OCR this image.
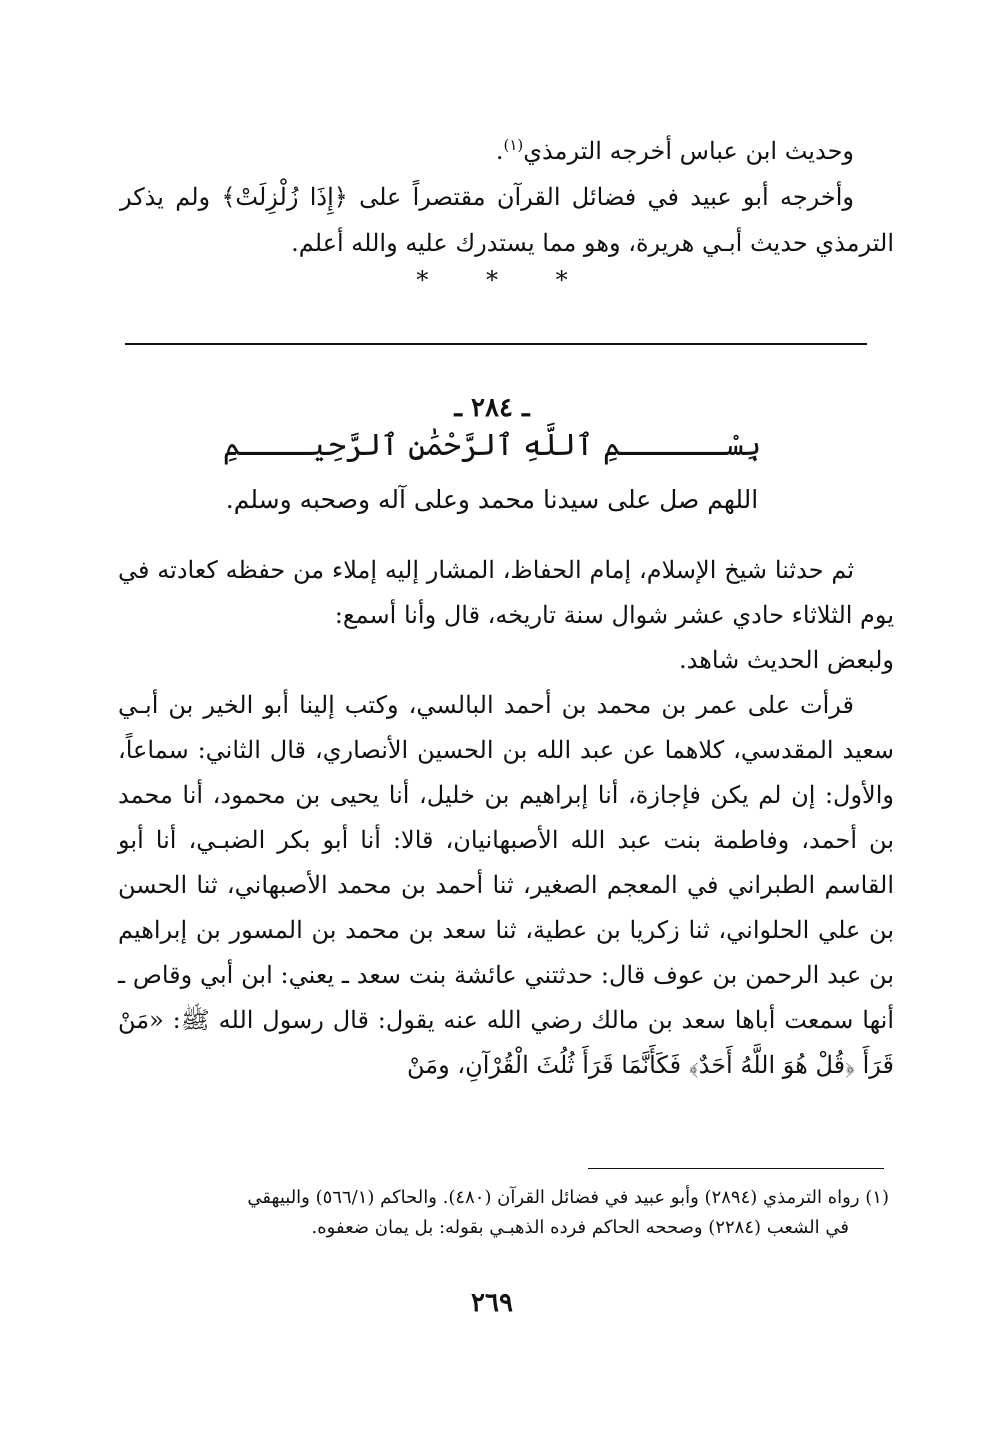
وحديث ابن عباس أخرجه الترمذي$^{(١)}$.

وأخرجه أبو عبيد في فضائل القرآن مقتصراً على ﴿إِذَا زُلْزِلَتْ﴾ ولم يذكر الترمذي حديث أبـي هريرة، وهو مما يستدرك عليه والله أعلم.

* * *
ـ ٢٨٤ ـ
بِسْــــــمِ ٱللَّهِ ٱلرَّحْمَٰنِ ٱلرَّحِيــــمِ
اللهم صل على سيدنا محمد وعلى آله وصحبه وسلم.

ثم حدثنا شيخ الإسلام، إمام الحفاظ، المشار إليه إملاء من حفظه كعادته في يوم الثلاثاء حادي عشر شوال سنة تاريخه، قال وأنا أسمع:

ولبعض الحديث شاهد.

قرأت على عمر بن محمد بن أحمد البالسي، وكتب إلينا أبو الخير بن أبـي سعيد المقدسي، كلاهما عن عبد الله بن الحسين الأنصاري، قال الثاني: سماعاً، والأول: إن لم يكن فإجازة، أنا إبراهيم بن خليل، أنا يحيى بن محمود، أنا محمد بن أحمد، وفاطمة بنت عبد الله الأصبهانيان، قالا: أنا أبو بكر الضبـي، أنا أبو القاسم الطبراني في المعجم الصغير، ثنا أحمد بن محمد الأصبهاني، ثنا الحسن بن علي الحلواني، ثنا زكريا بن عطية، ثنا سعد بن محمد بن المسور بن إبراهيم بن عبد الرحمن بن عوف قال: حدثتني عائشة بنت سعد ـ يعني: ابن أبي وقاص ـ أنها سمعت أباها سعد بن مالك رضي الله عنه يقول: قال رسول الله ﷺ: «مَنْ قَرَأَ ﴿قُلْ هُوَ اللَّهُ أَحَدٌ﴾ فَكَأَنَّمَا قَرَأَ ثُلُثَ الْقُرْآنِ، ومَنْ

(١) رواه الترمذي (٢٨٩٤) وأبو عبيد في فضائل القرآن (٤٨٠). والحاكم (٥٦٦/١) والبيهقي

في الشعب (٢٢٨٤) وصححه الحاكم فرده الذهبـي بقوله: بل يمان ضعفوه.

٢٦٩
